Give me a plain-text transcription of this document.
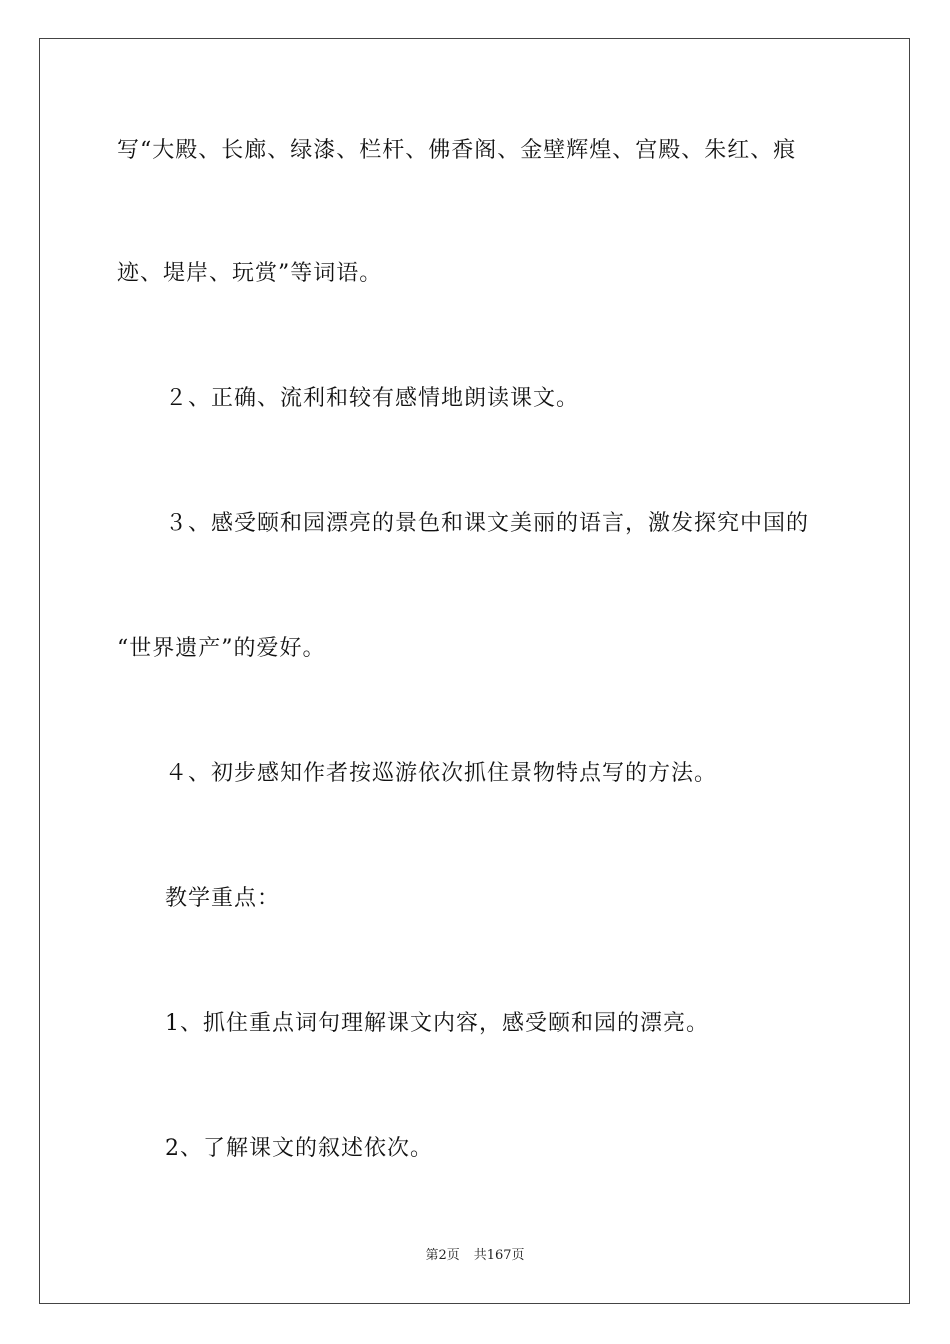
写“大殿、长廊、绿漆、栏杆、佛香阁、金壁辉煌、宫殿、朱红、痕
迹、堤岸、玩赏”等词语。
２、正确、流利和较有感情地朗读课文。
３、感受颐和园漂亮的景色和课文美丽的语言，激发探究中国的
“世界遗产”的爱好。
４、初步感知作者按巡游依次抓住景物特点写的方法。
教学重点：
1、抓住重点词句理解课文内容，感受颐和园的漂亮。
2、了解课文的叙述依次。
第2页 共167页
